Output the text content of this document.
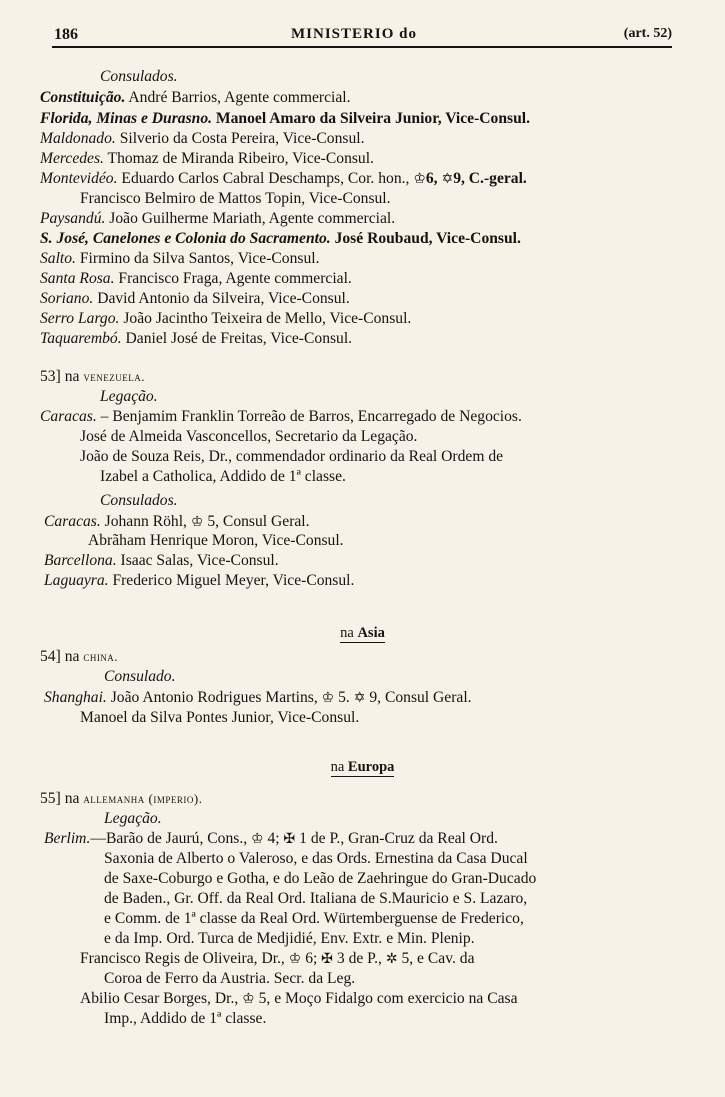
186	MINISTERIO do	(art. 52)
Consulados.
Constituição. André Barrios, Agente commercial.
Florida, Minas e Durasno. Manoel Amaro da Silveira Junior, Vice-Consul.
Maldonado. Silverio da Costa Pereira, Vice-Consul.
Mercedes. Thomaz de Miranda Ribeiro, Vice-Consul.
Montevidéo. Eduardo Carlos Cabral Deschamps, Cor. hon., ♔6, ✡9, C.-geral.
Francisco Belmiro de Mattos Topin, Vice-Consul.
Paysandú. João Guilherme Mariath, Agente commercial.
S. José, Canelones e Colonia do Sacramento. José Roubaud, Vice-Consul.
Salto. Firmino da Silva Santos, Vice-Consul.
Santa Rosa. Francisco Fraga, Agente commercial.
Soriano. David Antonio da Silveira, Vice-Consul.
Serro Largo. João Jacintho Teixeira de Mello, Vice-Consul.
Taquarembó. Daniel José de Freitas, Vice-Consul.
53] na venezuela.
Legação.
Caracas. – Benjamim Franklin Torreão de Barros, Encarregado de Negocios.
José de Almeida Vasconcellos, Secretario da Legação.
João de Souza Reis, Dr., commendador ordinario da Real Ordem de
Izabel a Catholica, Addido de 1ª classe.
Consulados.
Caracas. Johann Röhl, ♔ 5, Consul Geral.
Abrãham Henrique Moron, Vice-Consul.
Barcellona. Isaac Salas, Vice-Consul.
Laguayra. Frederico Miguel Meyer, Vice-Consul.
54] na china.
Consulado.
Shanghai. João Antonio Rodrigues Martins, ♔ 5. ✡ 9, Consul Geral.
Manoel da Silva Pontes Junior, Vice-Consul.
55] na allemanha (imperio).
Legação.
Berlim.—Barão de Jaurú, Cons., ♔ 4; ✠ 1 de P., Gran-Cruz da Real Ord.
Saxonia de Alberto o Valeroso, e das Ords. Ernestina da Casa Ducal
de Saxe-Coburgo e Gotha, e do Leão de Zaehringue do Gran-Ducado
de Baden., Gr. Off. da Real Ord. Italiana de S.Mauricio e S. Lazaro,
e Comm. de 1ª classe da Real Ord. Würtemberguense de Frederico,
e da Imp. Ord. Turca de Medjidié, Env. Extr. e Min. Plenip.
Francisco Regis de Oliveira, Dr., ♔ 6; ✠ 3 de P., ✲ 5, e Cav. da
Coroa de Ferro da Austria. Secr. da Leg.
Abilio Cesar Borges, Dr., ♔ 5, e Moço Fidalgo com exercicio na Casa
Imp., Addido de 1ª classe.
na Asia
na Europa
